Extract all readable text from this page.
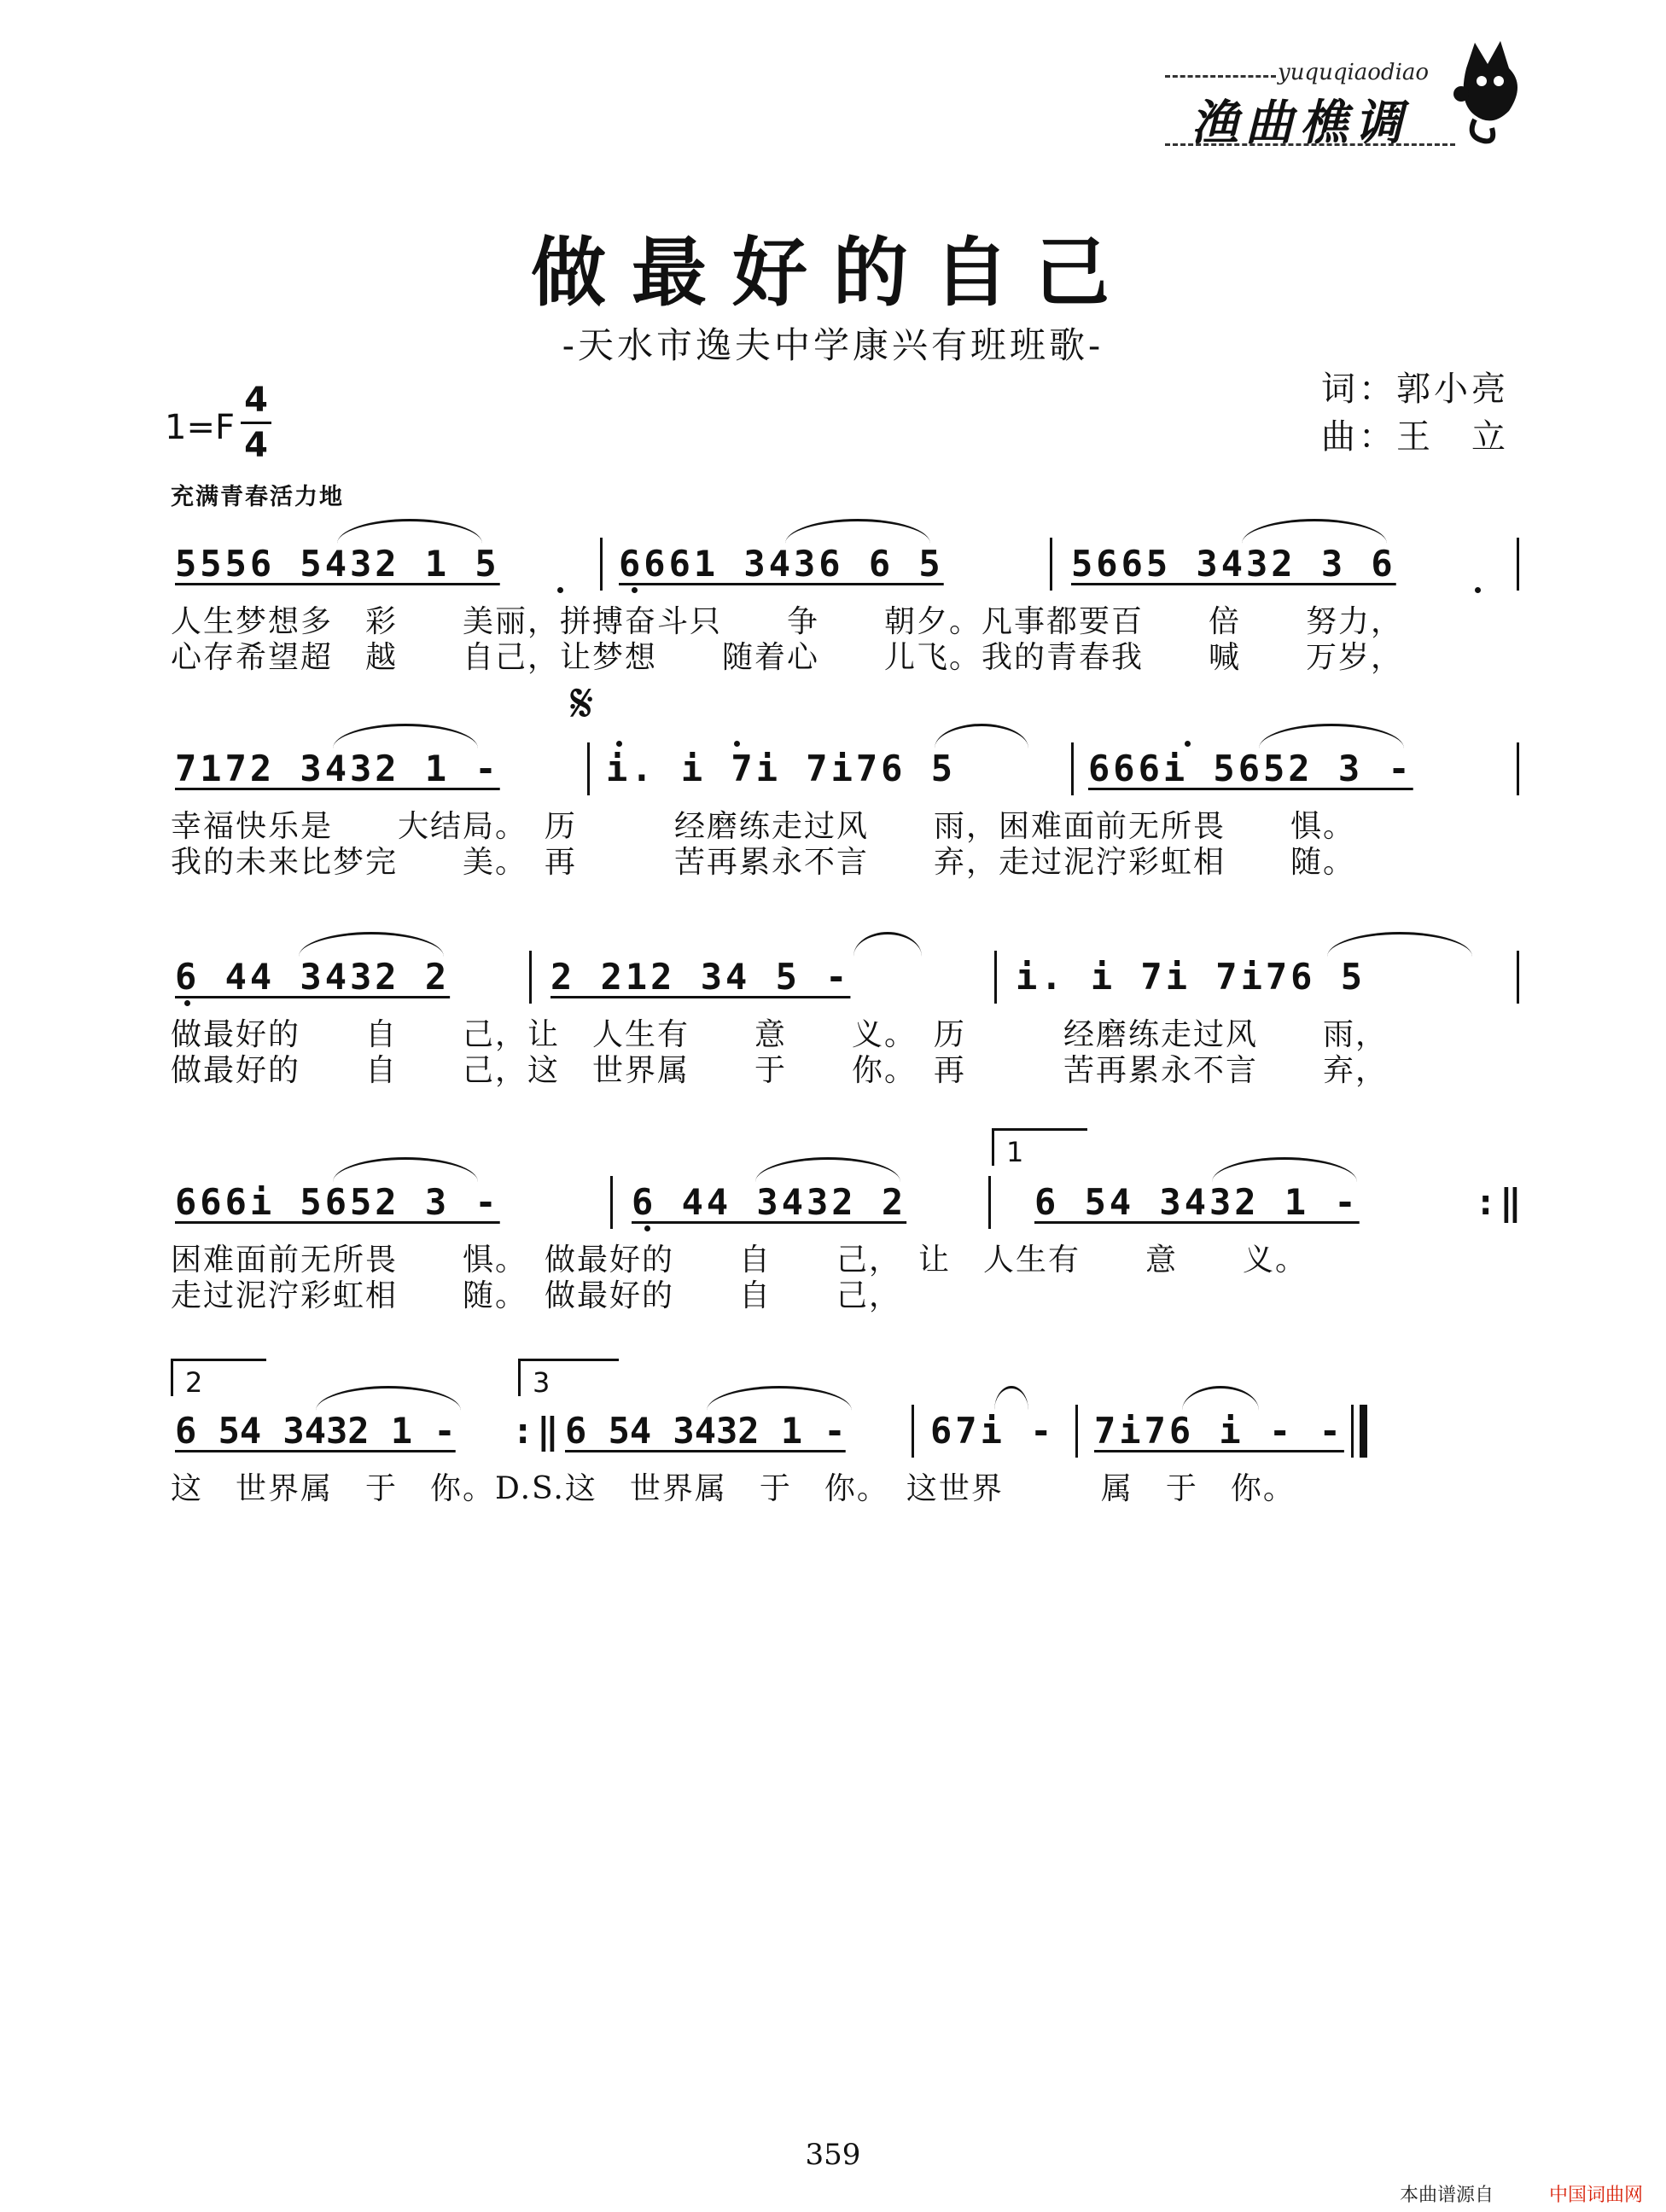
yuquqiaodiao
渔曲樵调
做最好的自己
-天水市逸夫中学康兴有班班歌-
1=F
4
4
词：郭小亮
曲：王　立
充满青春活力地

5556 5432 1 5

	6661 3436 6 5

	5665 3432 3 6

人生梦想多　彩　　美丽，拼搏奋斗只　　争　　朝夕。凡事都要百　　倍　　努力，
心存希望超　越　　自己，让梦想　　随着心　　儿飞。我的青春我　　喊　　万岁，
𝄋

7172 3432 1 -

	i. i 7i 7i76 5

	666i 5652 3 -

幸福快乐是　　大结局。　历　　　经磨练走过风　　雨，困难面前无所畏　　惧。
我的未来比梦完　　美。　再　　　苦再累永不言　　弃，走过泥泞彩虹相　　随。

6 44 3432 2

	2 212 34 5 -

	i. i 7i 7i76 5

做最好的　　自　　己，让　人生有　　意　　义。　历　　　经磨练走过风　　雨，
做最好的　　自　　己，这　世界属　　于　　你。　再　　　苦再累永不言　　弃，
1

666i 5652 3 -

	6 44 3432 2

	6 54 3432 1 -

	:‖

困难面前无所畏　　惧。　做最好的　　自　　己，　让　人生有　　意　　义。
走过泥泞彩虹相　　随。　做最好的　　自　　己，
2	3

6 54 3432 1 -

:‖

6 54 3432 1 -

67i -

7i76 i - -

这　世界属　于　你。D.S.这　世界属　于　你。　这世界　　　属　于　你。
359
本曲谱源自	中国词曲网
